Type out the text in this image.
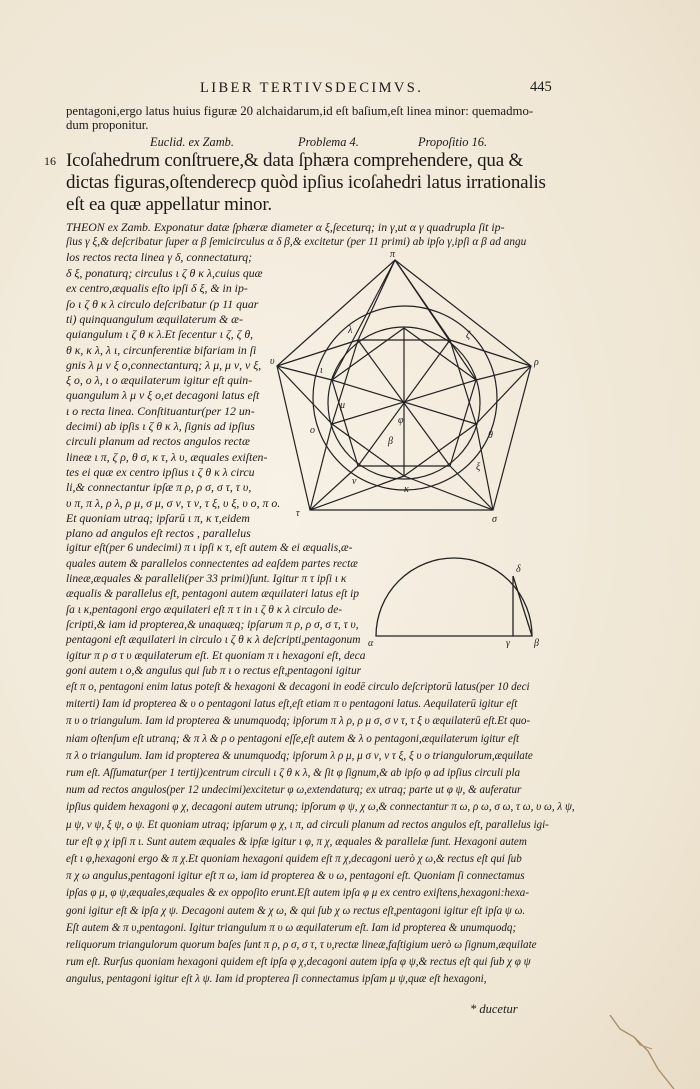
LIBER TERTIVSDECIMVS.	445
pentagoni,ergo latus huius figuræ 20 alchaidarum,id eſt baſium,eſt linea minor: quemadmo-
dum proponitur.
Euclid. ex Zamb.	Problema 4.	Propoſitio 16.
16 Icoſahedrum conſtruere,& data ſphæra comprehendere, qua &
dictas figuras,oſtenderecp quòd ipſius icoſahedri latus irrationalis
eſt ea quæ appellatur minor.
THEON ex Zamb. Exponatur datæ ſphæræ diameter α ξ,ſeceturq; in γ,ut α γ quadrupla ſit ip-
ſius γ ξ,& deſcribatur ſuper α β ſemicirculus α δ β,& excitetur (per 11 primi) ab ipſo γ,ipſi α β ad angu
los rectos recta linea γ δ, connectaturq;
δ ξ, ponaturq; circulus ι ζ θ κ λ,cuius quæ
ex centro,æqualis eſto ipſi δ ξ, & in ip-
ſo ι ζ θ κ λ circulo deſcribatur (p 11 quar
ti) quinquangulum æquilaterum & æ-
quiangulum ι ζ θ κ λ.Et ſecentur ι ζ, ζ θ,
θ κ, κ λ, λ ι, circunferentiæ bifariam in ſi
gnis λ μ ν ξ ο,connectanturq; λ μ, μ ν, ν ξ,
ξ ο, ο λ, ι ο æquilaterum igitur eſt quin-
quangulum λ μ ν ξ ο,et decagoni latus eſt
ι ο recta linea. Conſtituantur(per 12 un-
decimi) ab ipſis ι ζ θ κ λ, ſignis ad ipſius
circuli planum ad rectos angulos rectæ
lineæ ι π, ζ ρ, θ σ, κ τ, λ υ, æquales exiſten-
tes ei quæ ex centro ipſius ι ζ θ κ λ circu
li,& connectantur ipſæ π ρ, ρ σ, σ τ, τ υ,
υ π, π λ, ρ λ, ρ μ, σ μ, σ ν, τ ν, τ ξ, υ ξ, υ ο, π ο.
Et quoniam utraq; ipſarū ι π, κ τ,eidem
plano ad angulos eſt rectos , parallelus
igitur eſt(per 6 undecimi) π ι ipſi κ τ, eſt autem & ei æqualis,æ-
quales autem & parallelos connectentes ad eaſdem partes rectæ
lineæ,æquales & paralleli(per 33 primi)ſunt. Igitur π τ ipſi ι κ
æqualis & parallelus eſt, pentagoni autem æquilateri latus eſt ip
ſa ι κ,pentagoni ergo æquilateri eſt π τ in ι ζ θ κ λ circulo de-
ſcripti,& iam id propterea,& unaquæq; ipſarum π ρ, ρ σ, σ τ, τ υ,
pentagoni eſt æquilateri in circulo ι ζ θ κ λ deſcripti,pentagonum
igitur π ρ σ τ υ æquilaterum eſt. Et quoniam π ι hexagoni eſt, deca
goni autem ι ο,& angulus qui ſub π ι ο rectus eſt,pentagoni igitur
eſt π ο, pentagoni enim latus poteſt & hexagoni & decagoni in eodē circulo deſcriptorū latus(per 10 deci
miterti) Iam id propterea & υ ο pentagoni latus eſt,eſt etiam π υ pentagoni latus. Aequilaterū igitur eſt
π υ ο triangulum. Iam id propterea & unumquodq; ipſorum π λ ρ, ρ μ σ, σ ν τ, τ ξ υ æquilaterū eſt.Et quo-
niam oſtenſum eſt utranq; & π λ & ρ ο pentagoni eſſe,eſt autem & λ ο pentagoni,æquilaterum igitur eſt
π λ ο triangulum. Iam id propterea & unumquodq; ipſorum λ ρ μ, μ σ ν, ν τ ξ, ξ υ ο triangulorum,æquilate
rum eſt. Aſſumatur(per 1 tertij)centrum circuli ι ζ θ κ λ, & ſit φ ſignum,& ab ipſo φ ad ipſius circuli pla
num ad rectos angulos(per 12 undecimi)excitetur φ ω,extendaturq; ex utraq; parte ut φ ψ, & auferatur
ipſius quidem hexagoni φ χ, decagoni autem utrunq; ipſorum φ ψ, χ ω,& connectantur π ω, ρ ω, σ ω, τ ω, υ ω, λ ψ,
μ ψ, ν ψ, ξ ψ, ο ψ. Et quoniam utraq; ipſarum φ χ, ι π, ad circuli planum ad rectos angulos eſt, parallelus igi-
tur eſt φ χ ipſi π ι. Sunt autem æquales & ipſæ igitur ι φ, π χ, æquales & parallelæ ſunt. Hexagoni autem
eſt ι φ,hexagoni ergo & π χ.Et quoniam hexagoni quidem eſt π χ,decagoni uerò χ ω,& rectus eſt qui ſub
π χ ω angulus,pentagoni igitur eſt π ω, iam id propterea & υ ω, pentagoni eſt. Quoniam ſi connectamus
ipſas φ μ, φ ψ,æquales,æquales & ex oppoſito erunt.Eſt autem ipſa φ μ ex centro exiſtens,hexagoni:hexa-
goni igitur eſt & ipſa χ ψ. Decagoni autem & χ ω, & qui ſub χ ω rectus eſt,pentagoni igitur eſt ipſa ψ ω.
Eſt autem & π υ,pentagoni. Igitur triangulum π υ ω æquilaterum eſt. Iam id propterea & unumquodq;
reliquorum triangulorum quorum baſes ſunt π ρ, ρ σ, σ τ, τ υ,rectæ lineæ,faſtigium uerò ω ſignum,æquilate
rum eſt. Rurſus quoniam hexagoni quidem eſt ipſa φ χ,decagoni autem ipſa φ ψ,& rectus eſt qui ſub χ φ ψ
angulus, pentagoni igitur eſt λ ψ. Iam id propterea ſi connectamus ipſam μ ψ,quæ eſt hexagoni,
* ducetur
π
υ	ρ
τ
σ
λ
ι
ο
φ
ζ
β
θ
ξ
κ
ν
μ
δ
α	γ β
